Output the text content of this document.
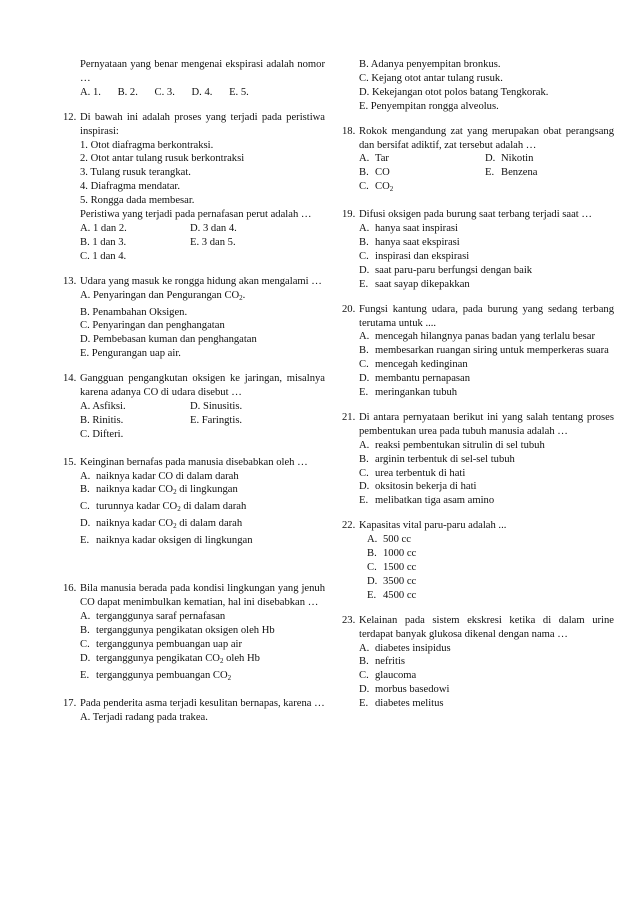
Pernyataan yang benar mengenai ekspirasi adalah nomor …
A. 1. B. 2. C. 3. D. 4. E. 5.
12. Di bawah ini adalah proses yang terjadi pada peristiwa inspirasi:
1. Otot diafragma berkontraksi.
2. Otot antar tulang rusuk berkontraksi
3. Tulang rusuk terangkat.
4. Diafragma mendatar.
5. Rongga dada membesar.
Peristiwa yang terjadi pada pernafasan perut adalah …
A. 1 dan 2.	D. 3 dan 4.
B. 1 dan 3.	E. 3 dan 5.
C. 1 dan 4.
13. Udara yang masuk ke rongga hidung akan mengalami …
A. Penyaringan dan Pengurangan $CO_2$.
B. Penambahan Oksigen.
C. Penyaringan dan penghangatan
D. Pembebasan kuman dan penghangatan
E. Pengurangan uap air.
14. Gangguan pengangkutan oksigen ke jaringan, misalnya karena adanya CO di udara disebut …
A. Asfiksi.	D. Sinusitis.
B. Rinitis.	E. Faringtis.
C. Difteri.
15. Keinginan bernafas pada manusia disebabkan oleh …
A. naiknya kadar CO di dalam darah
B. naiknya kadar $CO_2$ di lingkungan
C. turunnya kadar $CO_2$ di dalam darah
D. naiknya kadar $CO_2$ di dalam darah
E. naiknya kadar oksigen di lingkungan
16. Bila manusia berada pada kondisi lingkungan yang jenuh CO dapat menimbulkan kematian, hal ini disebabkan …
A. terganggunya saraf pernafasan
B. terganggunya pengikatan oksigen oleh Hb
C. terganggunya pembuangan uap air
D. terganggunya pengikatan $CO_2$ oleh Hb
E. terganggunya pembuangan $CO_2$
17. Pada penderita asma terjadi kesulitan bernapas, karena …
A. Terjadi radang pada trakea.
B. Adanya penyempitan bronkus.
C. Kejang otot antar tulang rusuk.
D. Kekejangan otot polos batang Tengkorak.
E. Penyempitan rongga alveolus.
18. Rokok mengandung zat yang merupakan obat perangsang dan bersifat adiktif, zat tersebut adalah …
A. Tar	D. Nikotin
B. CO	E. Benzena
C. $CO_2$
19. Difusi oksigen pada burung saat terbang terjadi saat …
A. hanya saat inspirasi
B. hanya saat ekspirasi
C. inspirasi dan ekspirasi
D. saat paru-paru berfungsi dengan baik
E. saat sayap dikepakkan
20. Fungsi kantung udara, pada burung yang sedang terbang terutama untuk ....
A. mencegah hilangnya panas badan yang terlalu besar
B. membesarkan ruangan siring untuk memperkeras suara
C. mencegah kedinginan
D. membantu pernapasan
E. meringankan tubuh
21. Di antara pernyataan berikut ini yang salah tentang proses pembentukan urea pada tubuh manusia adalah …
A. reaksi pembentukan sitrulin di sel tubuh
B. arginin terbentuk di sel-sel tubuh
C. urea terbentuk di hati
D. oksitosin bekerja di hati
E. melibatkan tiga asam amino
22. Kapasitas vital paru-paru adalah ...
A. 500 cc
B. 1000 cc
C. 1500 cc
D. 3500 cc
E. 4500 cc
23. Kelainan pada sistem ekskresi ketika di dalam urine terdapat banyak glukosa dikenal dengan nama …
A. diabetes insipidus
B. nefritis
C. glaucoma
D. morbus basedowi
E. diabetes melitus
